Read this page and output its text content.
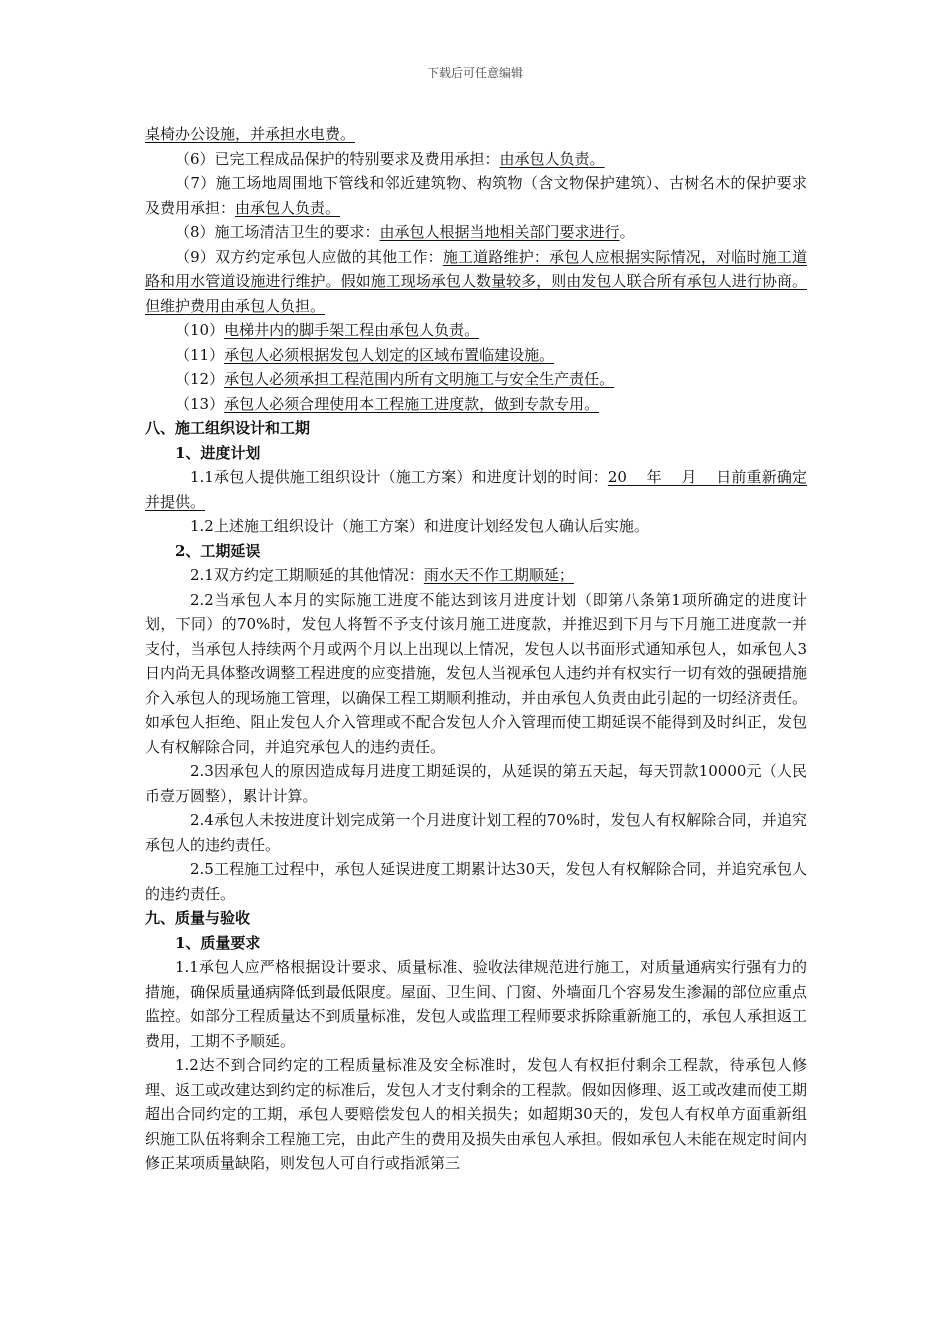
下载后可任意编辑

桌椅办公设施，并承担水电费。

（6）已完工程成品保护的特别要求及费用承担：由承包人负责。

（7）施工场地周围地下管线和邻近建筑物、构筑物（含文物保护建筑）、古树名木的保护要求及费用承担：由承包人负责。

（8）施工场清洁卫生的要求：由承包人根据当地相关部门要求进行。

（9）双方约定承包人应做的其他工作：施工道路维护：承包人应根据实际情况，对临时施工道路和用水管道设施进行维护。假如施工现场承包人数量较多，则由发包人联合所有承包人进行协商。但维护费用由承包人负担。

（10）电梯井内的脚手架工程由承包人负责。

（11）承包人必须根据发包人划定的区域布置临建设施。

（12）承包人必须承担工程范围内所有文明施工与安全生产责任。

（13）承包人必须合理使用本工程施工进度款，做到专款专用。

八、施工组织设计和工期

1、进度计划

1.1承包人提供施工组织设计（施工方案）和进度计划的时间：20    年    月    日前重新确定并提供。

1.2上述施工组织设计（施工方案）和进度计划经发包人确认后实施。

2、工期延误

2.1双方约定工期顺延的其他情况：雨水天不作工期顺延；

2.2当承包人本月的实际施工进度不能达到该月进度计划（即第八条第1项所确定的进度计划，下同）的70%时，发包人将暂不予支付该月施工进度款，并推迟到下月与下月施工进度款一并支付，当承包人持续两个月或两个月以上出现以上情况，发包人以书面形式通知承包人，如承包人3日内尚无具体整改调整工程进度的应变措施，发包人当视承包人违约并有权实行一切有效的强硬措施介入承包人的现场施工管理，以确保工程工期顺利推动，并由承包人负责由此引起的一切经济责任。如承包人拒绝、阻止发包人介入管理或不配合发包人介入管理而使工期延误不能得到及时纠正，发包人有权解除合同，并追究承包人的违约责任。

2.3因承包人的原因造成每月进度工期延误的，从延误的第五天起，每天罚款10000元（人民币壹万圆整），累计计算。

2.4承包人未按进度计划完成第一个月进度计划工程的70%时，发包人有权解除合同，并追究承包人的违约责任。

2.5工程施工过程中，承包人延误进度工期累计达30天，发包人有权解除合同，并追究承包人的违约责任。

九、质量与验收

1、质量要求

1.1承包人应严格根据设计要求、质量标准、验收法律规范进行施工，对质量通病实行强有力的措施，确保质量通病降低到最低限度。屋面、卫生间、门窗、外墙面几个容易发生渗漏的部位应重点监控。如部分工程质量达不到质量标准，发包人或监理工程师要求拆除重新施工的，承包人承担返工费用，工期不予顺延。

1.2达不到合同约定的工程质量标准及安全标准时，发包人有权拒付剩余工程款，待承包人修理、返工或改建达到约定的标准后，发包人才支付剩余的工程款。假如因修理、返工或改建而使工期超出合同约定的工期，承包人要赔偿发包人的相关损失；如超期30天的，发包人有权单方面重新组织施工队伍将剩余工程施工完，由此产生的费用及损失由承包人承担。假如承包人未能在规定时间内修正某项质量缺陷，则发包人可自行或指派第三
